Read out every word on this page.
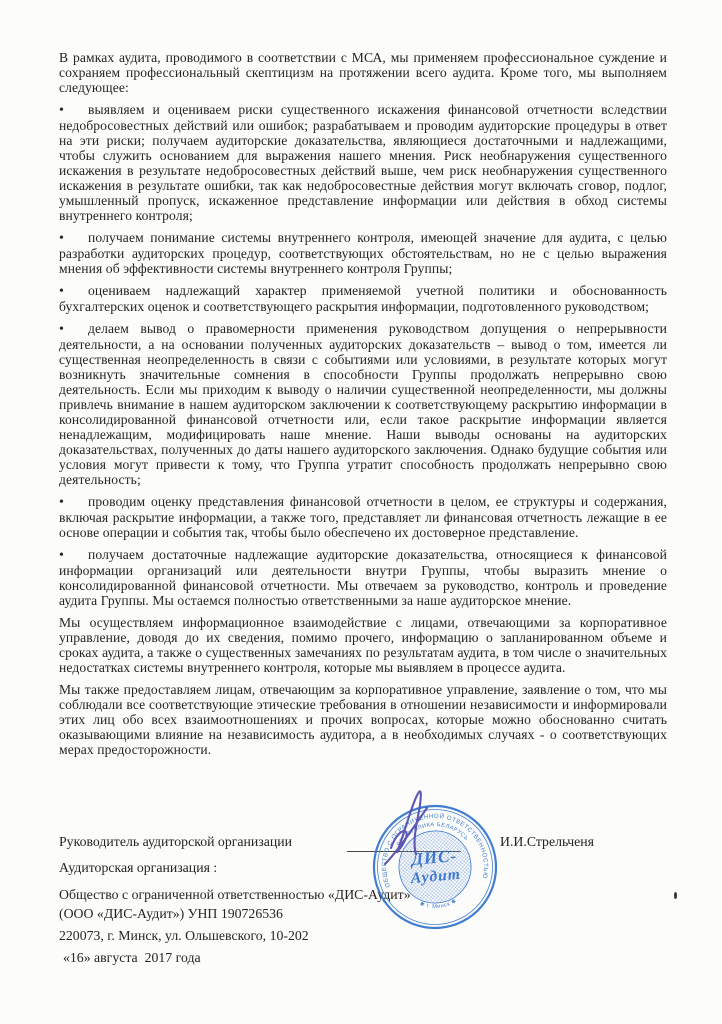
В рамках аудита, проводимого в соответствии с МСА, мы применяем профессиональное суждение и сохраняем профессиональный скептицизм на протяжении всего аудита. Кроме того, мы выполняем следующее:

• выявляем и оцениваем риски существенного искажения финансовой отчетности вследствии недобросовестных действий или ошибок; разрабатываем и проводим аудиторские процедуры в ответ на эти риски; получаем аудиторские доказательства, являющиеся достаточными и надлежащими, чтобы служить основанием для выражения нашего мнения. Риск необнаружения существенного искажения в результате недобросовестных действий выше, чем риск необнаружения существенного искажения в результате ошибки, так как недобросовестные действия могут включать сговор, подлог, умышленный пропуск, искаженное представление информации или действия в обход системы внутреннего контроля;

• получаем понимание системы внутреннего контроля, имеющей значение для аудита, с целью разработки аудиторских процедур, соответствующих обстоятельствам, но не с целью выражения мнения об эффективности системы внутреннего контроля Группы;

• оцениваем надлежащий характер применяемой учетной политики и обоснованность бухгалтерских оценок и соответствующего раскрытия информации, подготовленного руководством;

• делаем вывод о правомерности применения руководством допущения о непрерывности деятельности, а на основании полученных аудиторских доказательств – вывод о том, имеется ли существенная неопределенность в связи с событиями или условиями, в результате которых могут возникнуть значительные сомнения в способности Группы продолжать непрерывно свою деятельность. Если мы приходим к выводу о наличии существенной неопределенности, мы должны привлечь внимание в нашем аудиторском заключении к соответствующему раскрытию информации в консолидированной финансовой отчетности или, если такое раскрытие информации является ненадлежащим, модифицировать наше мнение. Наши выводы основаны на аудиторских доказательствах, полученных до даты нашего аудиторского заключения. Однако будущие события или условия могут привести к тому, что Группа утратит способность продолжать непрерывно свою деятельность;

• проводим оценку представления финансовой отчетности в целом, ее структуры и содержания, включая раскрытие информации, а также того, представляет ли финансовая отчетность лежащие в ее основе операции и события так, чтобы было обеспечено их достоверное представление.

• получаем достаточные надлежащие аудиторские доказательства, относящиеся к финансовой информации организаций или деятельности внутри Группы, чтобы выразить мнение о консолидированной финансовой отчетности. Мы отвечаем за руководство, контроль и проведение аудита Группы. Мы остаемся полностью ответственными за наше аудиторское мнение.

Мы осуществляем информационное взаимодействие с лицами, отвечающими за корпоративное управление, доводя до их сведения, помимо прочего, информацию о запланированном объеме и сроках аудита, а также о существенных замечаниях по результатам аудита, в том числе о значительных недостатках системы внутреннего контроля, которые мы выявляем в процессе аудита.

Мы также предоставляем лицам, отвечающим за корпоративное управление, заявление о том, что мы соблюдали все соответствующие этические требования в отношении независимости и информировали этих лиц обо всех взаимоотношениях и прочих вопросах, которые можно обоснованно считать оказывающими влияние на независимость аудитора, а в необходимых случаях - о соответствующих мерах предосторожности.

Руководитель аудиторской организации	И.И.Стрельченя
Аудиторская организация :
Общество с ограниченной ответственностью «ДИС-Аудит»
(ООО «ДИС-Аудит») УНП 190726536
220073, г. Минск, ул. Ольшевского, 10-202
«16» августа  2017 года
ОБЩЕСТВО С ОГРАНИЧЕННОЙ ОТВЕТСТВЕННОСТЬЮ
РЕСПУБЛИКА БЕЛАРУСЬ
✱ г. Минск ✱
ДИС-
Аудит
